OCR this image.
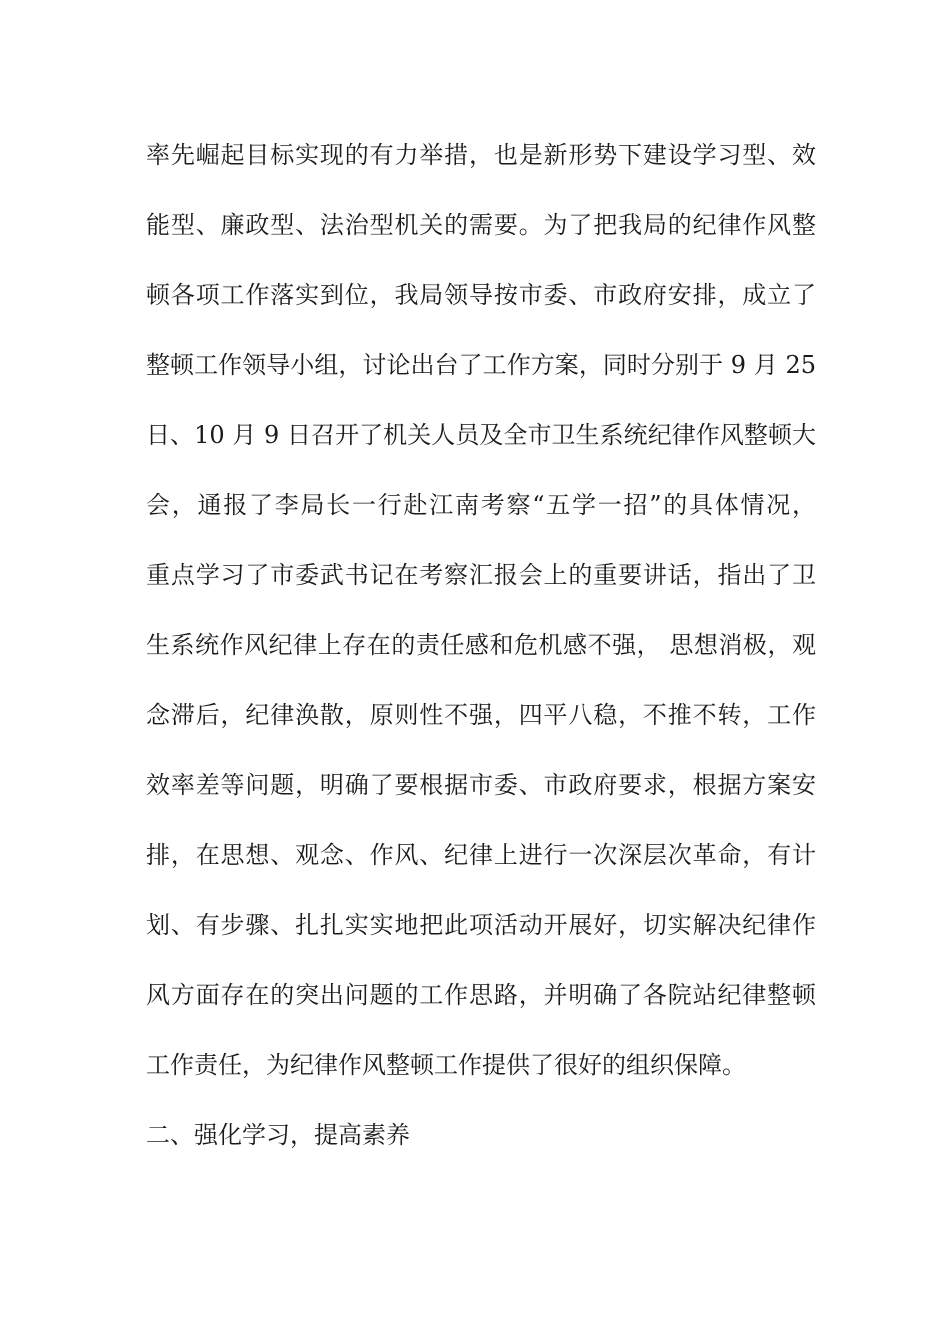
率先崛起目标实现的有力举措，也是新形势下建设学习型、效
能型、廉政型、法治型机关的需要。为了把我局的纪律作风整
顿各项工作落实到位，我局领导按市委、市政府安排，成立了
整顿工作领导小组，讨论出台了工作方案，同时分别于 9 月 25
日、10 月 9 日召开了机关人员及全市卫生系统纪律作风整顿大
会，通报了李局长一行赴江南考察“五学一招”的具体情况，
重点学习了市委武书记在考察汇报会上的重要讲话，指出了卫
生系统作风纪律上存在的责任感和危机感不强， 思想消极，观
念滞后，纪律涣散，原则性不强，四平八稳，不推不转，工作
效率差等问题，明确了要根据市委、市政府要求，根据方案安
排，在思想、观念、作风、纪律上进行一次深层次革命，有计
划、有步骤、扎扎实实地把此项活动开展好，切实解决纪律作
风方面存在的突出问题的工作思路，并明确了各院站纪律整顿
工作责任，为纪律作风整顿工作提供了很好的组织保障。
二、强化学习，提高素养
